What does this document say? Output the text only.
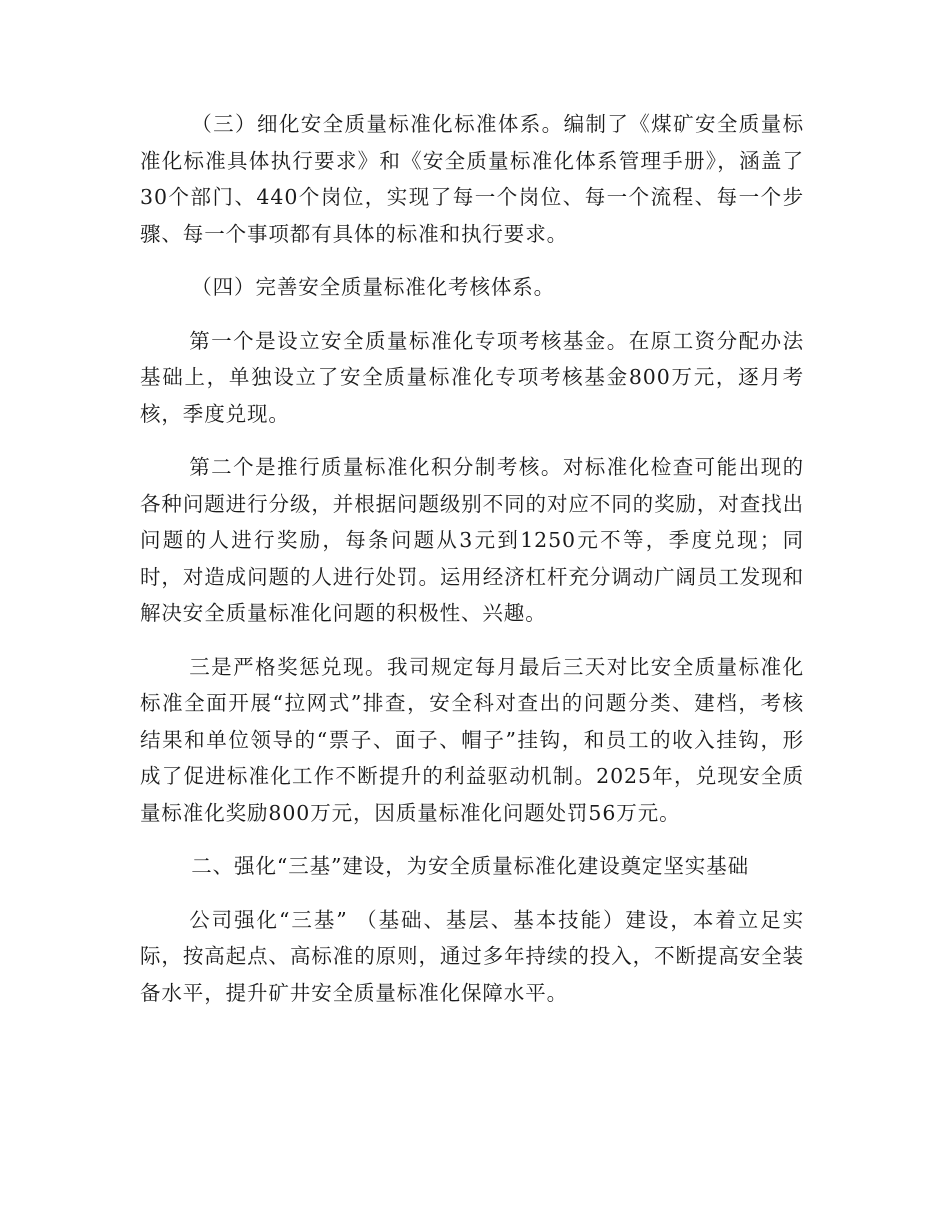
（三）细化安全质量标准化标准体系。编制了《煤矿安全质量标准化标准具体执行要求》和《安全质量标准化体系管理手册》，涵盖了30个部门、440个岗位，实现了每一个岗位、每一个流程、每一个步骤、每一个事项都有具体的标准和执行要求。

（四）完善安全质量标准化考核体系。

第一个是设立安全质量标准化专项考核基金。在原工资分配办法基础上，单独设立了安全质量标准化专项考核基金800万元，逐月考核，季度兑现。

第二个是推行质量标准化积分制考核。对标准化检查可能出现的各种问题进行分级，并根据问题级别不同的对应不同的奖励，对查找出问题的人进行奖励，每条问题从3元到1250元不等，季度兑现；同时，对造成问题的人进行处罚。运用经济杠杆充分调动广阔员工发现和解决安全质量标准化问题的积极性、兴趣。

三是严格奖惩兑现。我司规定每月最后三天对比安全质量标准化标准全面开展“拉网式”排查，安全科对查出的问题分类、建档，考核结果和单位领导的“票子、面子、帽子”挂钩，和员工的收入挂钩，形成了促进标准化工作不断提升的利益驱动机制。2025年，兑现安全质量标准化奖励800万元，因质量标准化问题处罚56万元。

二、强化“三基”建设，为安全质量标准化建设奠定坚实基础

公司强化“三基” （基础、基层、基本技能）建设，本着立足实际，按高起点、高标准的原则，通过多年持续的投入，不断提高安全装备水平，提升矿井安全质量标准化保障水平。
